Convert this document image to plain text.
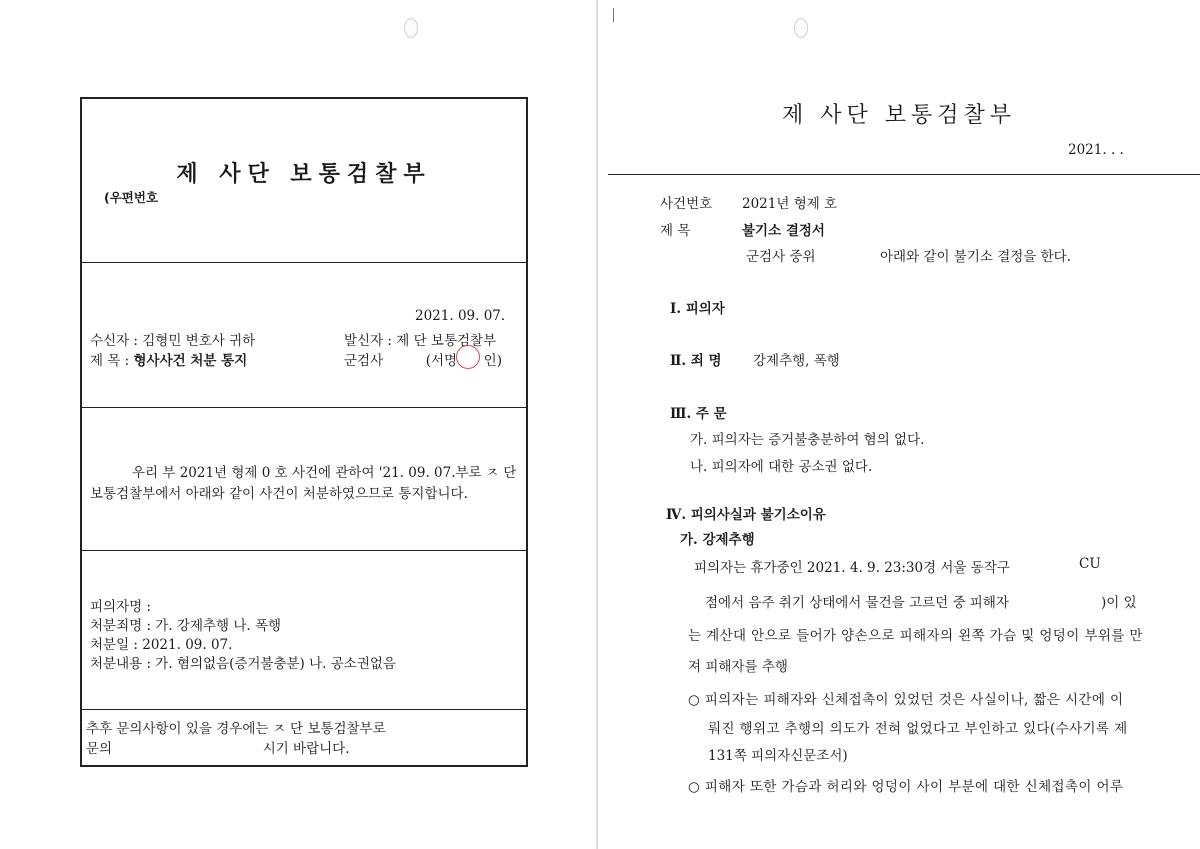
제 사단 보통검찰부
(우편번호
2021. 09. 07.
수신자 : 김형민 변호사 귀하	발신자 : 제 단 보통검찰부
제 목 : 형사사건 처분 통지	군검사	(서명 인)
우리 부 2021년 형제 0 호 사건에 관하여 '21. 09. 07.부로 ㅈ 단
보통검찰부에서 아래와 같이 사건이 처분하였으므로 통지합니다.
피의자명 :
처분죄명 : 가. 강제추행 나. 폭행
처분일 : 2021. 09. 07.
처분내용 : 가. 혐의없음(증거불충분) 나. 공소권없음
추후 문의사항이 있을 경우에는 ㅈ 단 보통검찰부로
문의	시기 바랍니다.
제 사단 보통검찰부
2021. . .
사건번호 2021년 형제 호
제 목	불기소 결정서
군검사 중위	아래와 같이 불기소 결정을 한다.
Ⅰ. 피의자
Ⅱ. 죄 명 강제추행, 폭행
Ⅲ. 주 문
가. 피의자는 증거불충분하여 혐의 없다.
나. 피의자에 대한 공소권 없다.
Ⅳ. 피의사실과 불기소이유
가. 강제추행
피의자는 휴가중인 2021. 4. 9. 23:30경 서울 동작구	CU
점에서 음주 취기 상태에서 물건을 고르던 중 피해자	)이 있
는 계산대 안으로 들어가 양손으로 피해자의 왼쪽 가슴 및 엉덩이 부위를 만
져 피해자를 추행
○ 피의자는 피해자와 신체접촉이 있었던 것은 사실이나, 짧은 시간에 이
뤄진 행위고 추행의 의도가 전혀 없었다고 부인하고 있다(수사기록 제
131쪽 피의자신문조서)
○ 피해자 또한 가슴과 허리와 엉덩이 사이 부분에 대한 신체접촉이 어루
